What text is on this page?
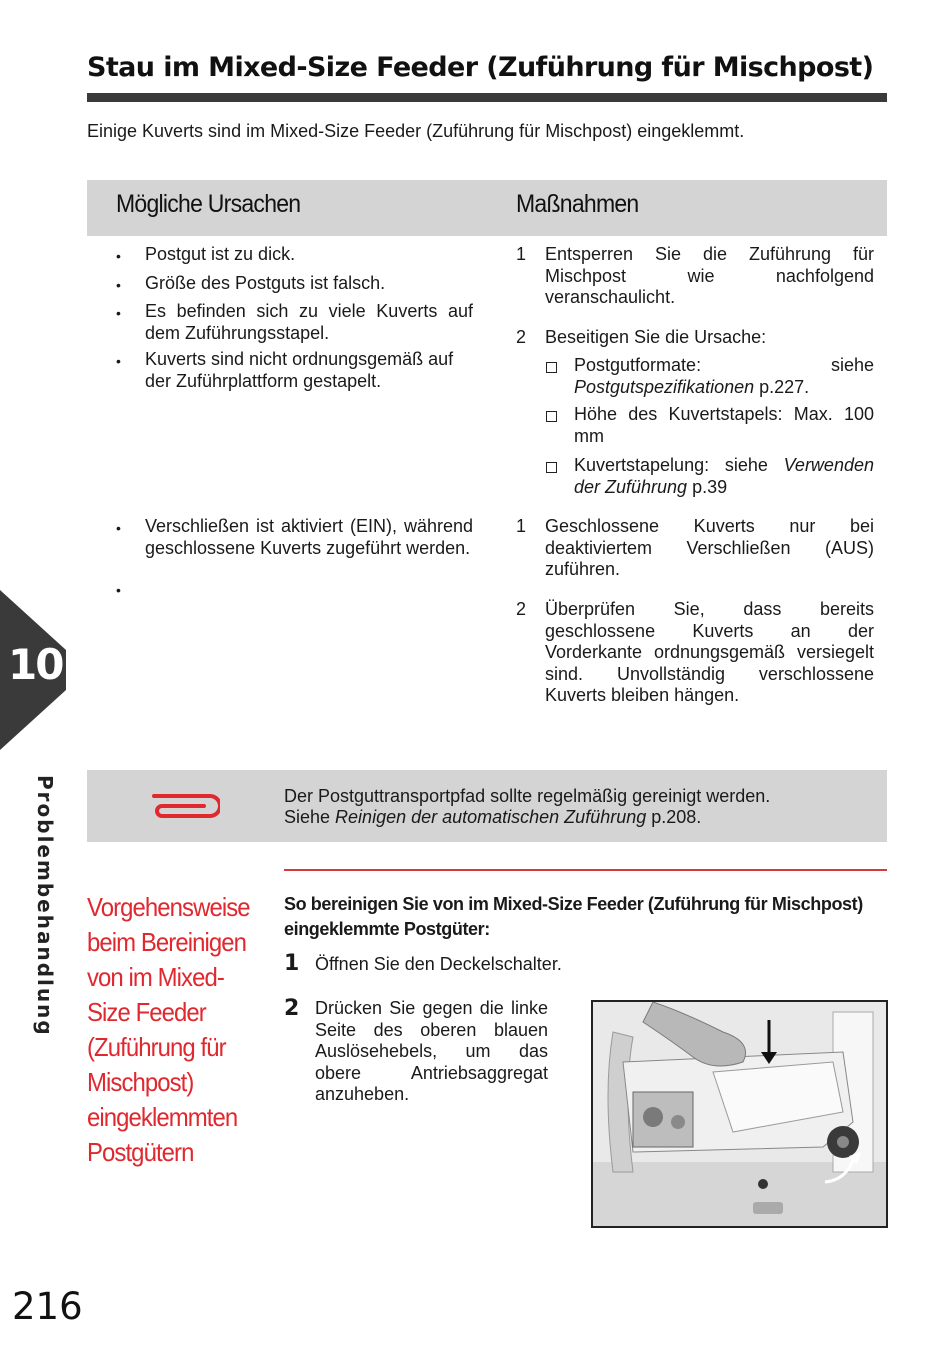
Stau im Mixed-Size Feeder (Zuführung für Mischpost)
Einige Kuverts sind im Mixed-Size Feeder (Zuführung für Mischpost) eingeklemmt.
Mögliche Ursachen	Maßnahmen
• Postgut ist zu dick.
• Größe des Postguts ist falsch.
• Es befinden sich zu viele Kuverts auf dem Zuführungsstapel.
• Kuverts sind nicht ordnungsgemäß auf der Zuführplattform gestapelt.
1 Entsperren Sie die Zuführung für Mischpost wie nachfolgend veranschaulicht.
2 Beseitigen Sie die Ursache:
Postgutformate: siehe Postgutspezifikationen p.227.
Höhe des Kuvertstapels: Max. 100 mm
Kuvertstapelung: siehe Verwenden der Zuführung p.39
• Verschließen ist aktiviert (EIN), während geschlossene Kuverts zugeführt werden.
•
1 Geschlossene Kuverts nur bei deaktiviertem Verschließen (AUS) zuführen.
2 Überprüfen Sie, dass bereits geschlossene Kuverts an der Vorderkante ordnungsgemäß versiegelt sind. Unvollständig verschlossene Kuverts bleiben hängen.
10
Problembehandlung	Der Postguttransportpfad sollte regelmäßig gereinigt werden.
Siehe Reinigen der automatischen Zuführung p.208.
Vorgehensweise beim Bereinigen von im Mixed-Size Feeder (Zuführung für Mischpost) eingeklemmten Postgütern
So bereinigen Sie von im Mixed-Size Feeder (Zuführung für Mischpost) eingeklemmte Postgüter:
1 Öffnen Sie den Deckelschalter.
2 Drücken Sie gegen die linke Seite des oberen blauen Auslösehebels, um das obere Antriebsaggregat anzuheben.
216
